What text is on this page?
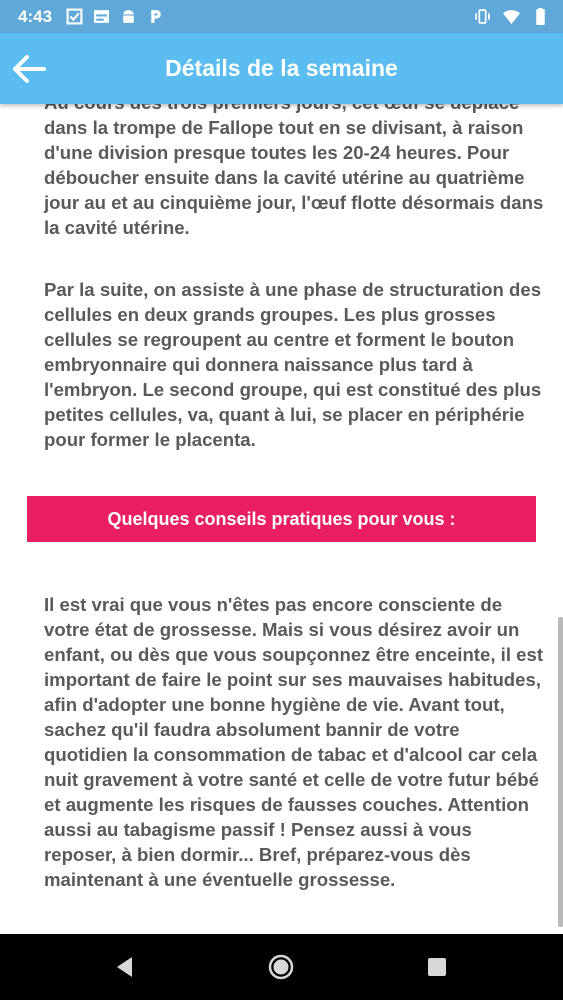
4:43
Détails de la semaine
dans la trompe de Fallope tout en se divisant, à raison d'une division presque toutes les 20-24 heures. Pour déboucher ensuite dans la cavité utérine au quatrième jour au et au cinquième jour, l'œuf flotte désormais dans la cavité utérine.
Par la suite, on assiste à une phase de structuration des cellules en deux grands groupes. Les plus grosses cellules se regroupent au centre et forment le bouton embryonnaire qui donnera naissance plus tard à l'embryon. Le second groupe, qui est constitué des plus petites cellules, va, quant à lui, se placer en périphérie pour former le placenta.
Quelques conseils pratiques pour vous :
Il est vrai que vous n'êtes pas encore consciente de votre état de grossesse. Mais si vous désirez avoir un enfant, ou dès que vous soupçonnez être enceinte, il est important de faire le point sur ses mauvaises habitudes, afin d'adopter une bonne hygiène de vie. Avant tout, sachez qu'il faudra absolument bannir de votre quotidien la consommation de tabac et d'alcool car cela nuit gravement à votre santé et celle de votre futur bébé et augmente les risques de fausses couches. Attention aussi au tabagisme passif ! Pensez aussi à vous reposer, à bien dormir... Bref, préparez-vous dès maintenant à une éventuelle grossesse.
